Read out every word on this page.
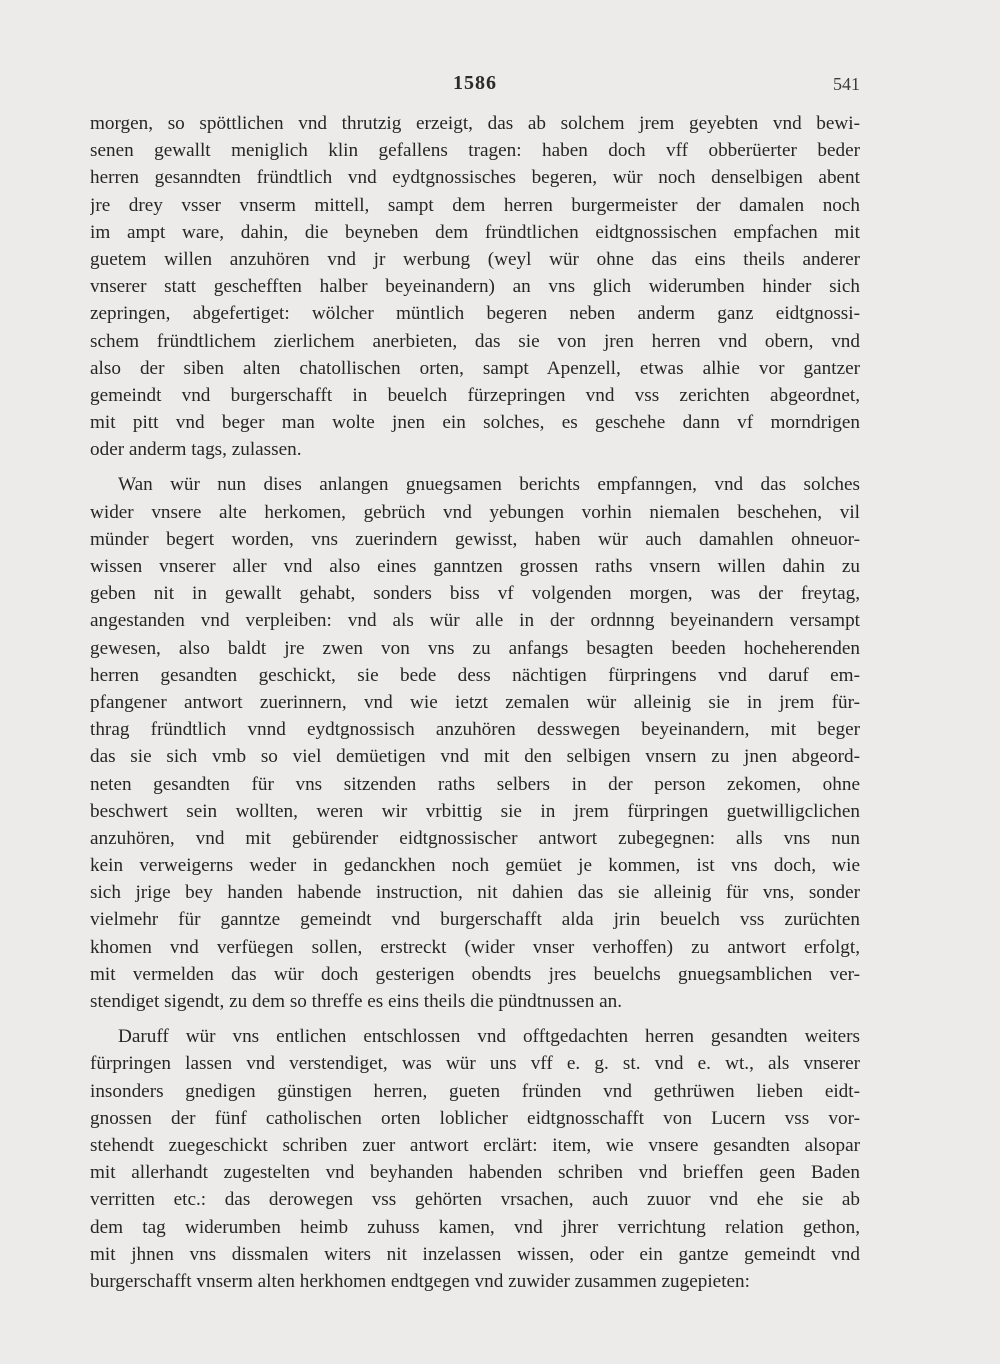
1586	541

morgen, so spöttlichen vnd thrutzig erzeigt, das ab solchem jrem geyebten vnd bewi-
senen gewallt meniglich klin gefallens tragen: haben doch vff obberüerter beder
herren gesanndten fründtlich vnd eydtgnossisches begeren, wür noch denselbigen abent
jre drey vsser vnserm mittell, sampt dem herren burgermeister der damalen noch
im ampt ware, dahin, die beyneben dem fründtlichen eidtgnossischen empfachen mit
guetem willen anzuhören vnd jr werbung (weyl wür ohne das eins theils anderer
vnserer statt geschefften halber beyeinandern) an vns glich widerumben hinder sich
zepringen, abgefertiget: wölcher müntlich begeren neben anderm ganz eidtgnossi-
schem fründtlichem zierlichem anerbieten, das sie von jren herren vnd obern, vnd
also der siben alten chatollischen orten, sampt Apenzell, etwas alhie vor gantzer
gemeindt vnd burgerschafft in beuelch fürzepringen vnd vss zerichten abgeordnet,
mit pitt vnd beger man wolte jnen ein solches, es geschehe dann vf morndrigen
oder anderm tags, zulassen.

Wan wür nun dises anlangen gnuegsamen berichts empfanngen, vnd das solches
wider vnsere alte herkomen, gebrüch vnd yebungen vorhin niemalen beschehen, vil
münder begert worden, vns zuerindern gewisst, haben wür auch damahlen ohneuor-
wissen vnserer aller vnd also eines ganntzen grossen raths vnsern willen dahin zu
geben nit in gewallt gehabt, sonders biss vf volgenden morgen, was der freytag,
angestanden vnd verpleiben: vnd als wür alle in der ordnnng beyeinandern versampt
gewesen, also baldt jre zwen von vns zu anfangs besagten beeden hocheherenden
herren gesandten geschickt, sie bede dess nächtigen fürpringens vnd daruf em-
pfangener antwort zuerinnern, vnd wie ietzt zemalen wür alleinig sie in jrem für-
thrag fründtlich vnnd eydtgnossisch anzuhören desswegen beyeinandern, mit beger
das sie sich vmb so viel demüetigen vnd mit den selbigen vnsern zu jnen abgeord-
neten gesandten für vns sitzenden raths selbers in der person zekomen, ohne
beschwert sein wollten, weren wir vrbittig sie in jrem fürpringen guetwilligclichen
anzuhören, vnd mit gebürender eidtgnossischer antwort zubegegnen: alls vns nun
kein verweigerns weder in gedanckhen noch gemüet je kommen, ist vns doch, wie
sich jrige bey handen habende instruction, nit dahien das sie alleinig für vns, sonder
vielmehr für ganntze gemeindt vnd burgerschafft alda jrin beuelch vss zurüchten
khomen vnd verfüegen sollen, erstreckt (wider vnser verhoffen) zu antwort erfolgt,
mit vermelden das wür doch gesterigen obendts jres beuelchs gnuegsamblichen ver-
stendiget sigendt, zu dem so threffe es eins theils die pündtnussen an.

Daruff wür vns entlichen entschlossen vnd offtgedachten herren gesandten weiters
fürpringen lassen vnd verstendiget, was wür uns vff e. g. st. vnd e. wt., als vnserer
insonders gnedigen günstigen herren, gueten fründen vnd gethrüwen lieben eidt-
gnossen der fünf catholischen orten loblicher eidtgnosschafft von Lucern vss vor-
stehendt zuegeschickt schriben zuer antwort erclärt: item, wie vnsere gesandten alsopar
mit allerhandt zugestelten vnd beyhanden habenden schriben vnd brieffen geen Baden
verritten etc.: das derowegen vss gehörten vrsachen, auch zuuor vnd ehe sie ab
dem tag widerumben heimb zuhuss kamen, vnd jhrer verrichtung relation gethon,
mit jhnen vns dissmalen witers nit inzelassen wissen, oder ein gantze gemeindt vnd
burgerschafft vnserm alten herkhomen endtgegen vnd zuwider zusammen zugepieten:
